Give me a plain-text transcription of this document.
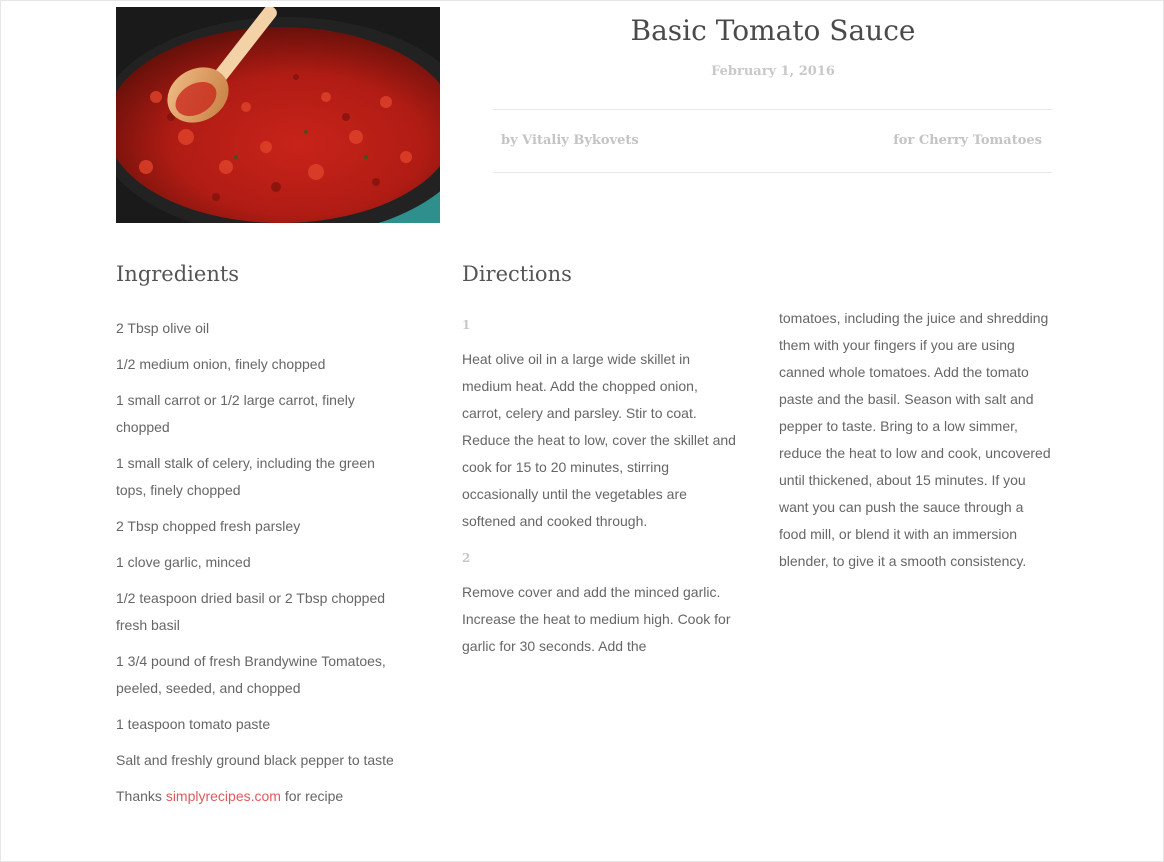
Basic Tomato Sauce
February 1, 2016
by Vitaliy Bykovets	for Cherry Tomatoes
Ingredients
2 Tbsp olive oil
1/2 medium onion, finely chopped
1 small carrot or 1/2 large carrot, finely chopped
1 small stalk of celery, including the green tops, finely chopped
2 Tbsp chopped fresh parsley
1 clove garlic, minced
1/2 teaspoon dried basil or 2 Tbsp chopped fresh basil
1 3/4 pound of fresh Brandywine Tomatoes, peeled, seeded, and chopped
1 teaspoon tomato paste
Salt and freshly ground black pepper to taste
Thanks simplyrecipes.com for recipe
Directions
1
Heat olive oil in a large wide skillet in medium heat. Add the chopped onion, carrot, celery and parsley. Stir to coat. Reduce the heat to low, cover the skillet and cook for 15 to 20 minutes, stirring occasionally until the vegetables are softened and cooked through.
2
Remove cover and add the minced garlic. Increase the heat to medium high. Cook for garlic for 30 seconds. Add the
tomatoes, including the juice and shredding them with your fingers if you are using canned whole tomatoes. Add the tomato paste and the basil. Season with salt and pepper to taste. Bring to a low simmer, reduce the heat to low and cook, uncovered until thickened, about 15 minutes. If you want you can push the sauce through a food mill, or blend it with an immersion blender, to give it a smooth consistency.
